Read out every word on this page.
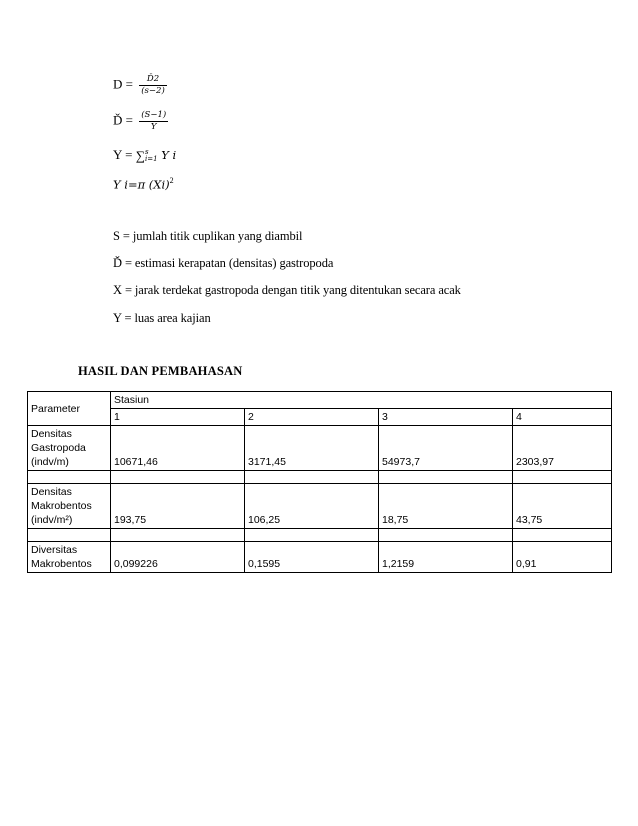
$D = \frac{Ď2}{(s-2)}$
Ď = $\frac{(S-1)}{Y}$
Y = ∑ s
i=1 Y i
Y i=π $(Xi)^2$
S = jumlah titik cuplikan yang diambil
Ď = estimasi kerapatan (densitas) gastropoda
X = jarak terdekat gastropoda dengan titik yang ditentukan secara acak
Y = luas area kajian
HASIL DAN PEMBAHASAN
Parameter	Stasiun			
	1	2	3	4

Densitas
Gastropoda
(indv/m)	10671,46	3171,45	54973,7	2303,97

Densitas
Makrobentos
(indv/m²)	193,75	106,25	18,75	43,75

Diversitas
Makrobentos	0,099226	0,1595	1,2159	0,91
